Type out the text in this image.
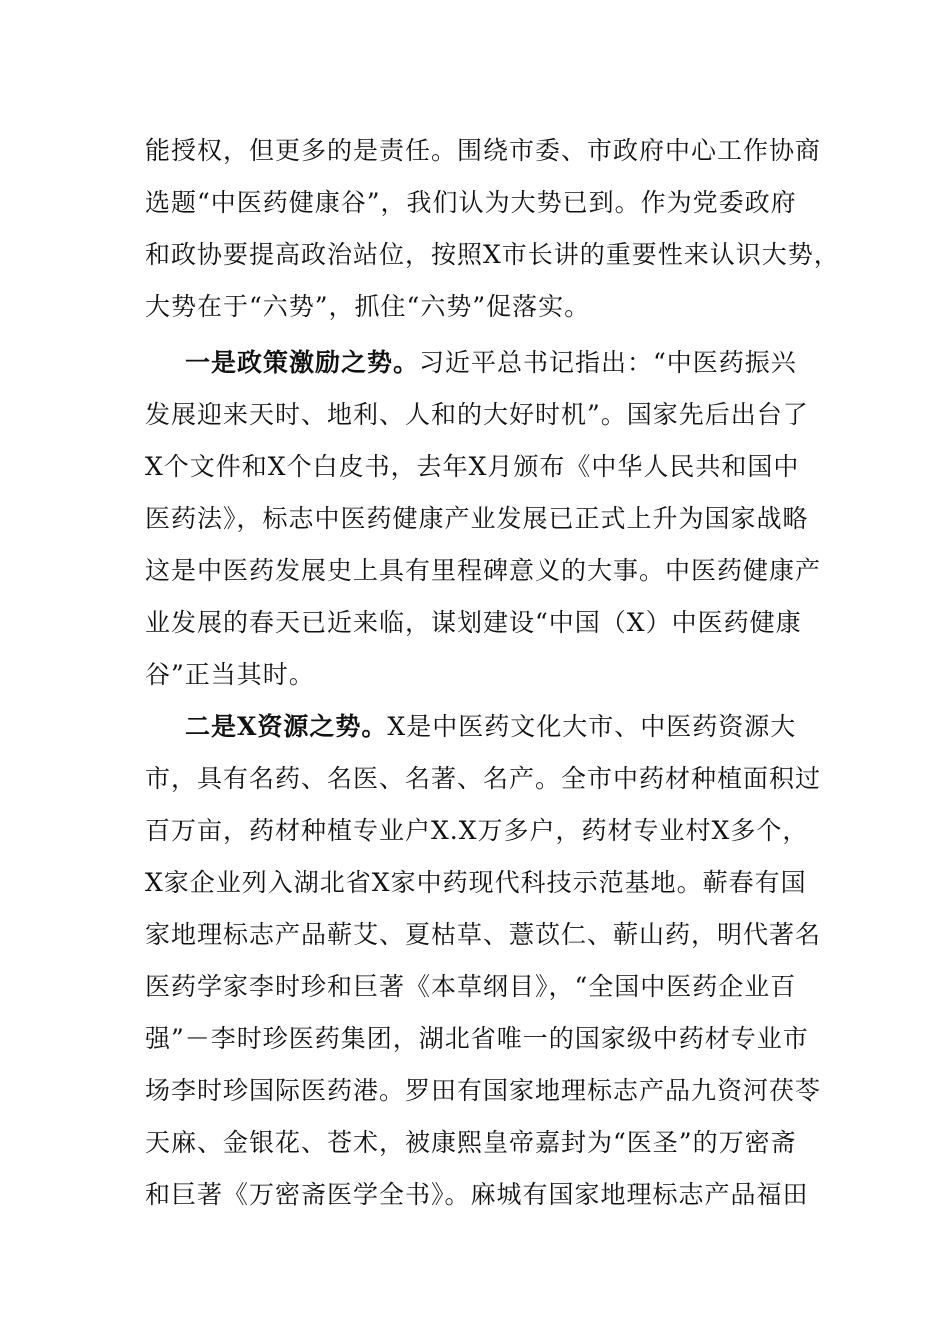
能授权，但更多的是责任。围绕市委、市政府中心工作协商
选题“中医药健康谷”，我们认为大势已到。作为党委政府
和政协要提高政治站位，按照X市长讲的重要性来认识大势，
大势在于“六势”，抓住“六势”促落实。
一是政策激励之势。习近平总书记指出：“中医药振兴
发展迎来天时、地利、人和的大好时机”。国家先后出台了
X个文件和X个白皮书，去年X月颁布《中华人民共和国中
医药法》，标志中医药健康产业发展已正式上升为国家战略
这是中医药发展史上具有里程碑意义的大事。中医药健康产
业发展的春天已近来临，谋划建设“中国（X）中医药健康
谷”正当其时。
二是X资源之势。X是中医药文化大市、中医药资源大
市，具有名药、名医、名著、名产。全市中药材种植面积过
百万亩，药材种植专业户X.X万多户，药材专业村X多个，
X家企业列入湖北省X家中药现代科技示范基地。蕲春有国
家地理标志产品蕲艾、夏枯草、薏苡仁、蕲山药，明代著名
医药学家李时珍和巨著《本草纲目》，“全国中医药企业百
强”－李时珍医药集团，湖北省唯一的国家级中药材专业市
场李时珍国际医药港。罗田有国家地理标志产品九资河茯苓
天麻、金银花、苍术，被康熙皇帝嘉封为“医圣”的万密斋
和巨著《万密斋医学全书》。麻城有国家地理标志产品福田
